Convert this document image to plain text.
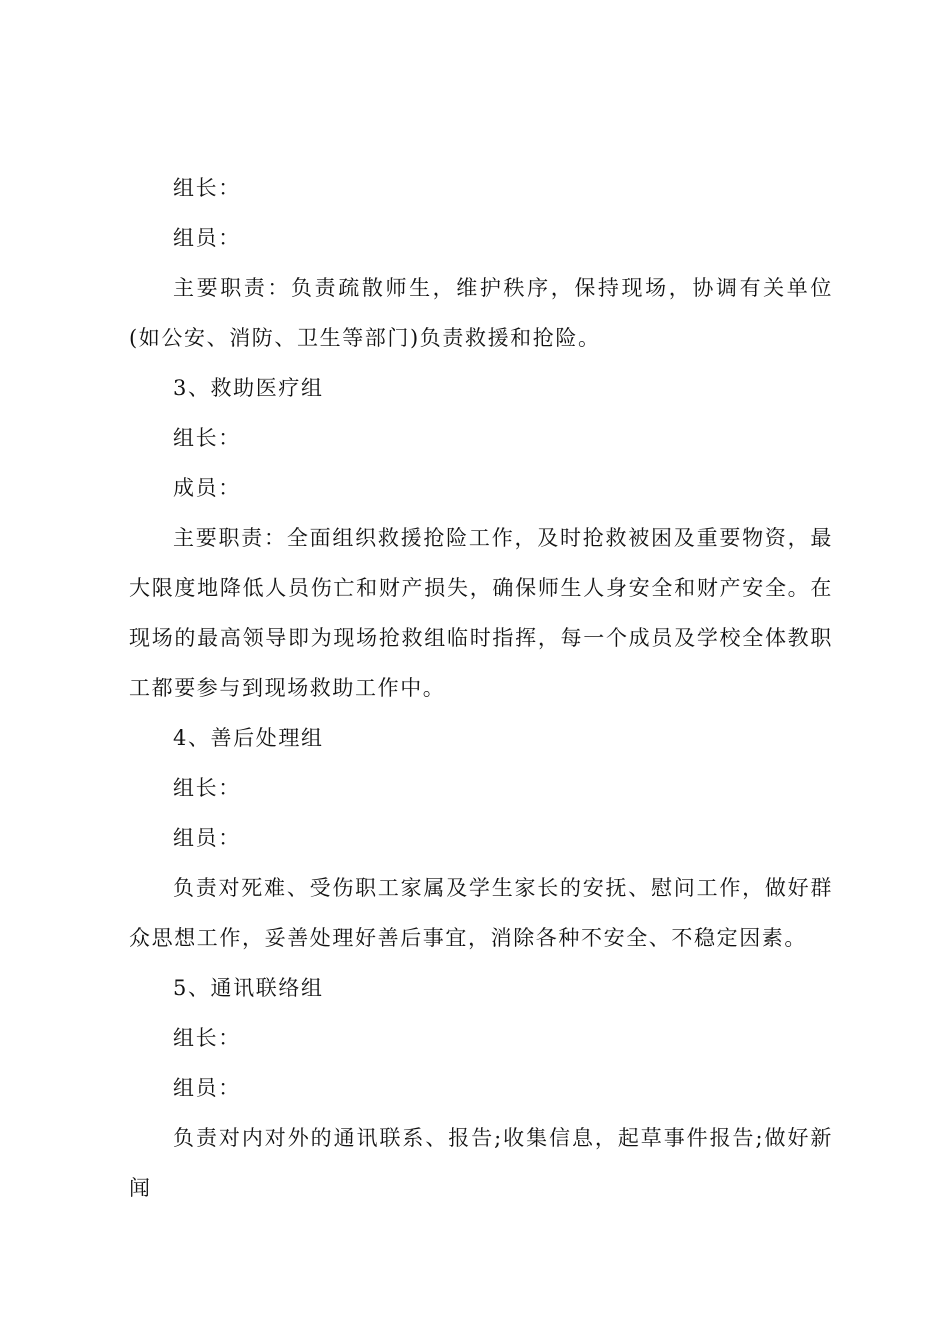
组长：

组员：

主要职责：负责疏散师生，维护秩序，保持现场，协调有关单位(如公安、消防、卫生等部门)负责救援和抢险。

3、救助医疗组

组长：

成员：

主要职责：全面组织救援抢险工作，及时抢救被困及重要物资，最大限度地降低人员伤亡和财产损失，确保师生人身安全和财产安全。在现场的最高领导即为现场抢救组临时指挥，每一个成员及学校全体教职工都要参与到现场救助工作中。

4、善后处理组

组长：

组员：

负责对死难、受伤职工家属及学生家长的安抚、慰问工作，做好群众思想工作，妥善处理好善后事宜，消除各种不安全、不稳定因素。

5、通讯联络组

组长：

组员：

负责对内对外的通讯联系、报告;收集信息，起草事件报告;做好新闻
